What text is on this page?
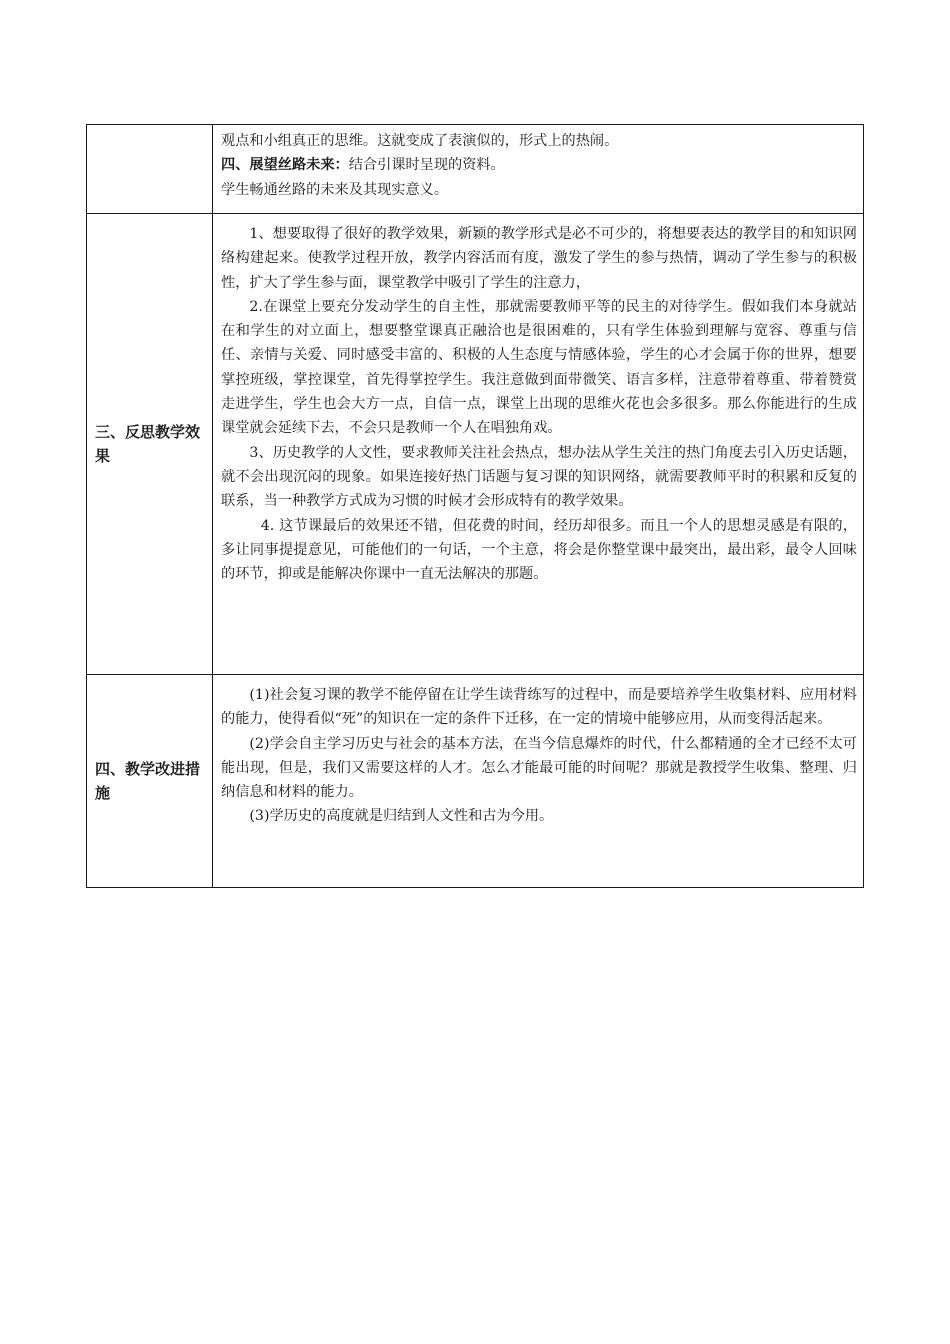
	观点和小组真正的思维。这就变成了表演似的，形式上的热闹。

四、展望丝路未来：结合引课时呈现的资料。

学生畅通丝路的未来及其现实意义。

三、反思教学效果	1、想要取得了很好的教学效果，新颖的教学形式是必不可少的，将想要表达的教学目的和知识网络构建起来。使教学过程开放，教学内容活而有度，激发了学生的参与热情，调动了学生参与的积极性，扩大了学生参与面，课堂教学中吸引了学生的注意力，

2.在课堂上要充分发动学生的自主性，那就需要教师平等的民主的对待学生。假如我们本身就站在和学生的对立面上，想要整堂课真正融洽也是很困难的，只有学生体验到理解与宽容、尊重与信任、亲情与关爱、同时感受丰富的、积极的人生态度与情感体验，学生的心才会属于你的世界，想要掌控班级，掌控课堂，首先得掌控学生。我注意做到面带微笑、语言多样，注意带着尊重、带着赞赏走进学生，学生也会大方一点，自信一点，课堂上出现的思维火花也会多很多。那么你能进行的生成课堂就会延续下去，不会只是教师一个人在唱独角戏。

3、历史教学的人文性，要求教师关注社会热点，想办法从学生关注的热门角度去引入历史话题，就不会出现沉闷的现象。如果连接好热门话题与复习课的知识网络，就需要教师平时的积累和反复的联系，当一种教学方式成为习惯的时候才会形成特有的教学效果。

4. 这节课最后的效果还不错，但花费的时间，经历却很多。而且一个人的思想灵感是有限的，多让同事提提意见，可能他们的一句话，一个主意，将会是你整堂课中最突出，最出彩，最令人回味的环节，抑或是能解决你课中一直无法解决的那题。

四、教学改进措施	(1)社会复习课的教学不能停留在让学生读背练写的过程中，而是要培养学生收集材料、应用材料的能力，使得看似“死”的知识在一定的条件下迁移，在一定的情境中能够应用，从而变得活起来。

(2)学会自主学习历史与社会的基本方法，在当今信息爆炸的时代，什么都精通的全才已经不太可能出现，但是，我们又需要这样的人才。怎么才能最可能的时间呢？那就是教授学生收集、整理、归纳信息和材料的能力。

(3)学历史的高度就是归结到人文性和古为今用。
